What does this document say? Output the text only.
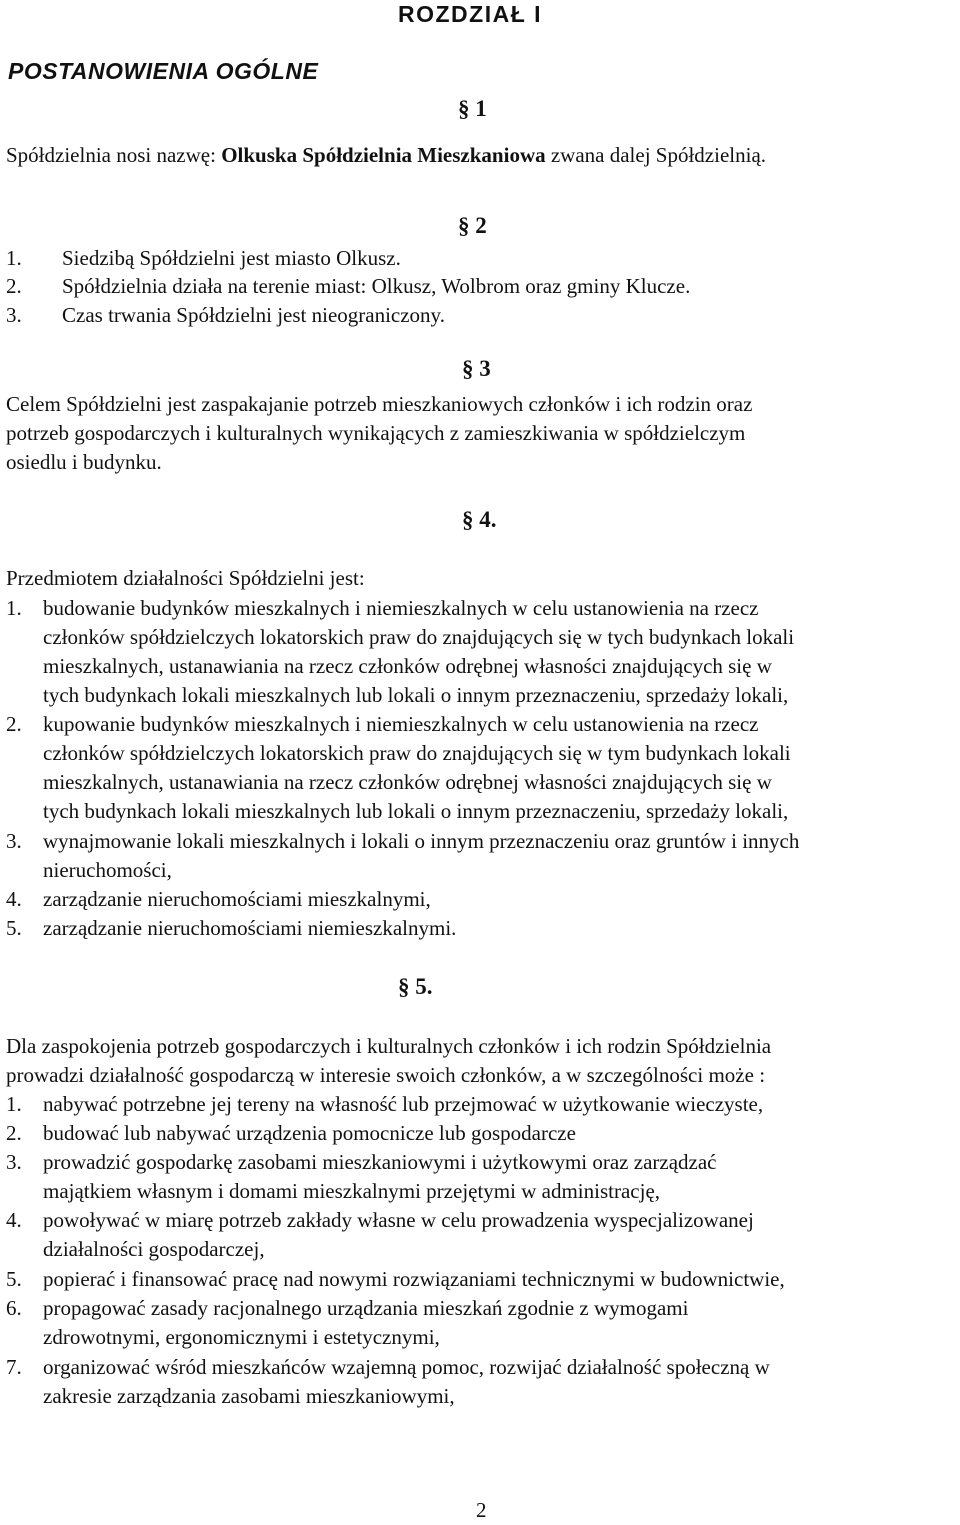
ROZDZIAŁ I
POSTANOWIENIA OGÓLNE
§ 1
Spółdzielnia nosi nazwę: Olkuska Spółdzielnia Mieszkaniowa zwana dalej Spółdzielnią.
§ 2
1. Siedzibą Spółdzielni jest miasto Olkusz.
2. Spółdzielnia działa na terenie miast: Olkusz, Wolbrom oraz gminy Klucze.
3. Czas trwania Spółdzielni jest nieograniczony.
§ 3
Celem Spółdzielni jest zaspakajanie potrzeb mieszkaniowych członków i ich rodzin oraz
potrzeb gospodarczych i kulturalnych wynikających z zamieszkiwania w spółdzielczym
osiedlu i budynku.
§ 4.
Przedmiotem działalności Spółdzielni jest:
1. budowanie budynków mieszkalnych i niemieszkalnych w celu ustanowienia na rzecz
członków spółdzielczych lokatorskich praw do znajdujących się w tych budynkach lokali
mieszkalnych, ustanawiania na rzecz członków odrębnej własności znajdujących się w
tych budynkach lokali mieszkalnych lub lokali o innym przeznaczeniu, sprzedaży lokali,
2. kupowanie budynków mieszkalnych i niemieszkalnych w celu ustanowienia na rzecz
członków spółdzielczych lokatorskich praw do znajdujących się w tym budynkach lokali
mieszkalnych, ustanawiania na rzecz członków odrębnej własności znajdujących się w
tych budynkach lokali mieszkalnych lub lokali o innym przeznaczeniu, sprzedaży lokali,
3. wynajmowanie lokali mieszkalnych i lokali o innym przeznaczeniu oraz gruntów i innych
nieruchomości,
4. zarządzanie nieruchomościami mieszkalnymi,
5. zarządzanie nieruchomościami niemieszkalnymi.
§ 5.
Dla zaspokojenia potrzeb gospodarczych i kulturalnych członków i ich rodzin Spółdzielnia
prowadzi działalność gospodarczą w interesie swoich członków, a w szczególności może :
1. nabywać potrzebne jej tereny na własność lub przejmować w użytkowanie wieczyste,
2. budować lub nabywać urządzenia pomocnicze lub gospodarcze
3. prowadzić gospodarkę zasobami mieszkaniowymi i użytkowymi oraz zarządzać
majątkiem własnym i domami mieszkalnymi przejętymi w administrację,
4. powoływać w miarę potrzeb zakłady własne w celu prowadzenia wyspecjalizowanej
działalności gospodarczej,
5. popierać i finansować pracę nad nowymi rozwiązaniami technicznymi w budownictwie,
6. propagować zasady racjonalnego urządzania mieszkań zgodnie z wymogami
zdrowotnymi, ergonomicznymi i estetycznymi,
7. organizować wśród mieszkańców wzajemną pomoc, rozwijać działalność społeczną w
zakresie zarządzania zasobami mieszkaniowymi,
2
